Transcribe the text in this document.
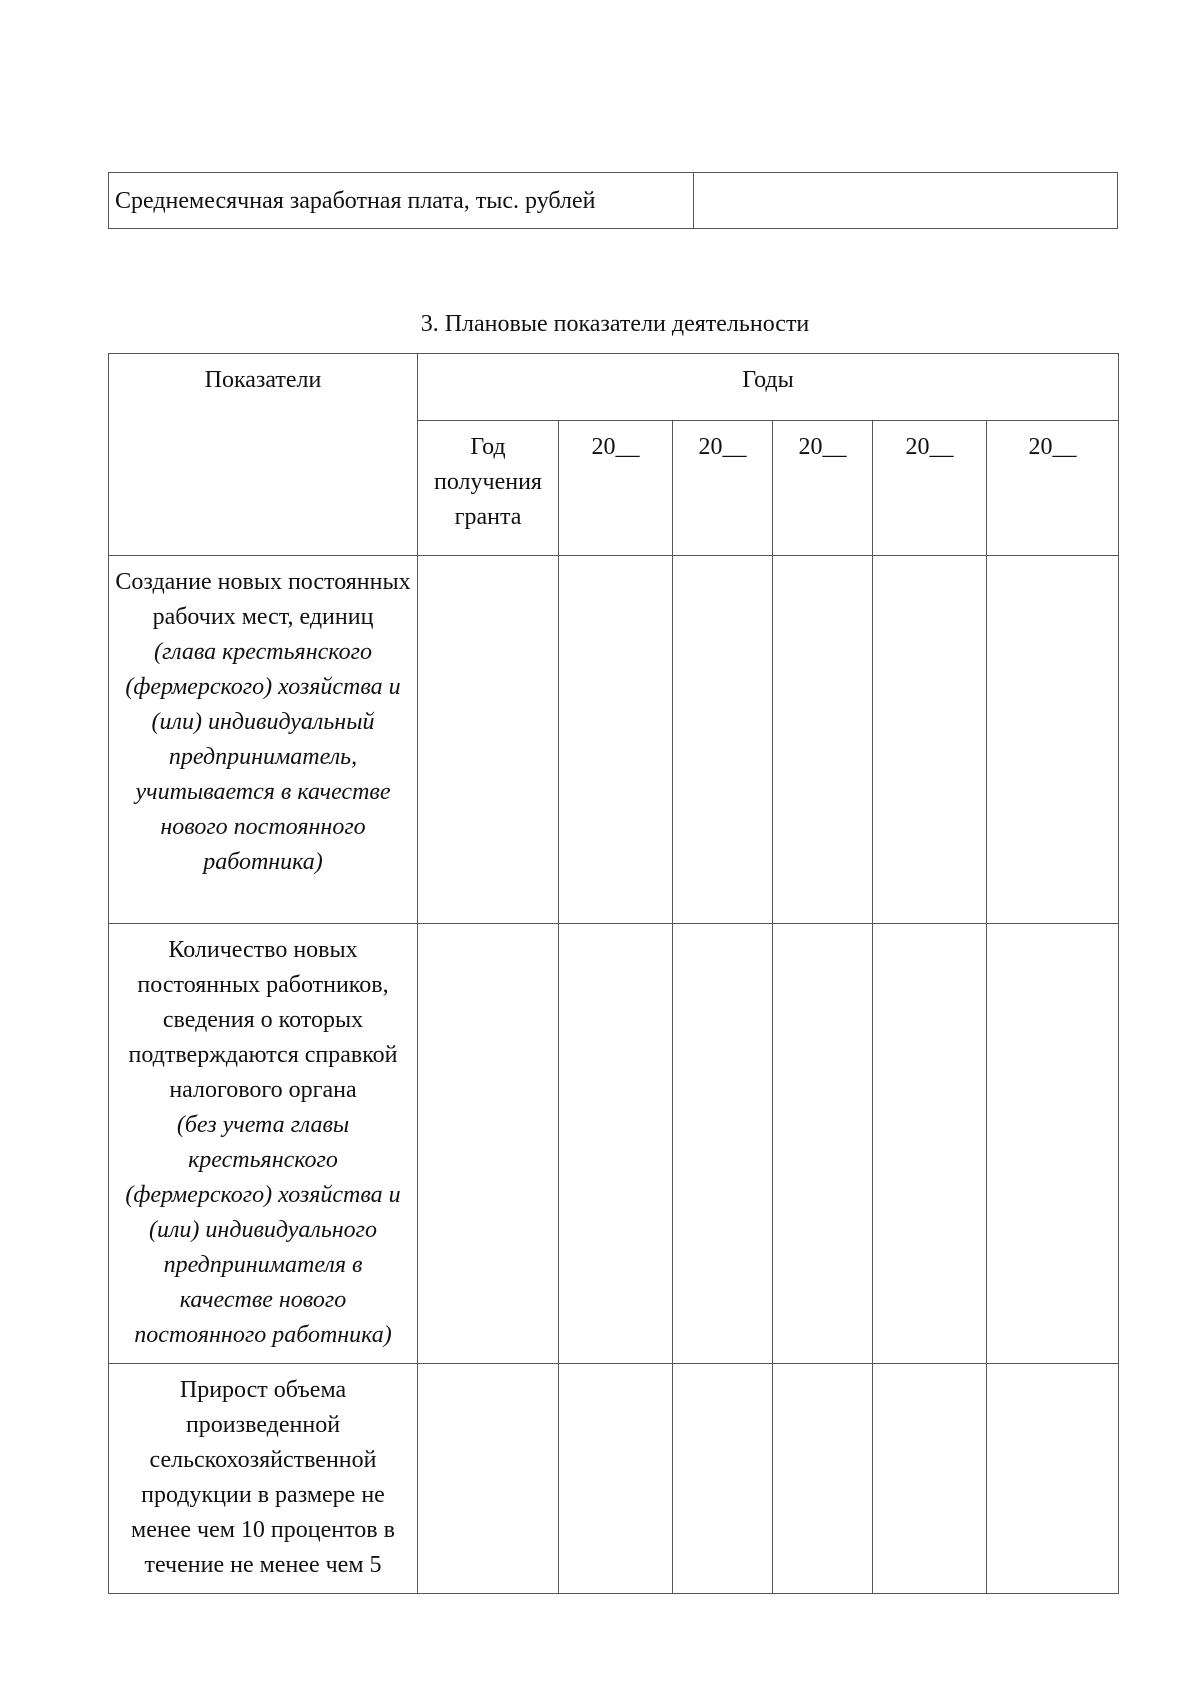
Среднемесячная заработная плата, тыс. рублей	
3. Плановые показатели деятельности
Показатели	Годы					
	Год получения гранта	20__	20__	20__	20__	20__

Создание новых постоянных рабочих мест, единиц
(глава крестьянского (фермерского) хозяйства и (или) индивидуальный предприниматель, учитывается в качестве нового постоянного работника)						

Количество новых постоянных работников, сведения о которых подтверждаются справкой налогового органа
(без учета главы крестьянского (фермерского) хозяйства и (или) индивидуального предпринимателя в качестве нового постоянного работника)						

Прирост объема произведенной сельскохозяйственной продукции в размере не менее чем 10 процентов в течение не менее чем 5						
